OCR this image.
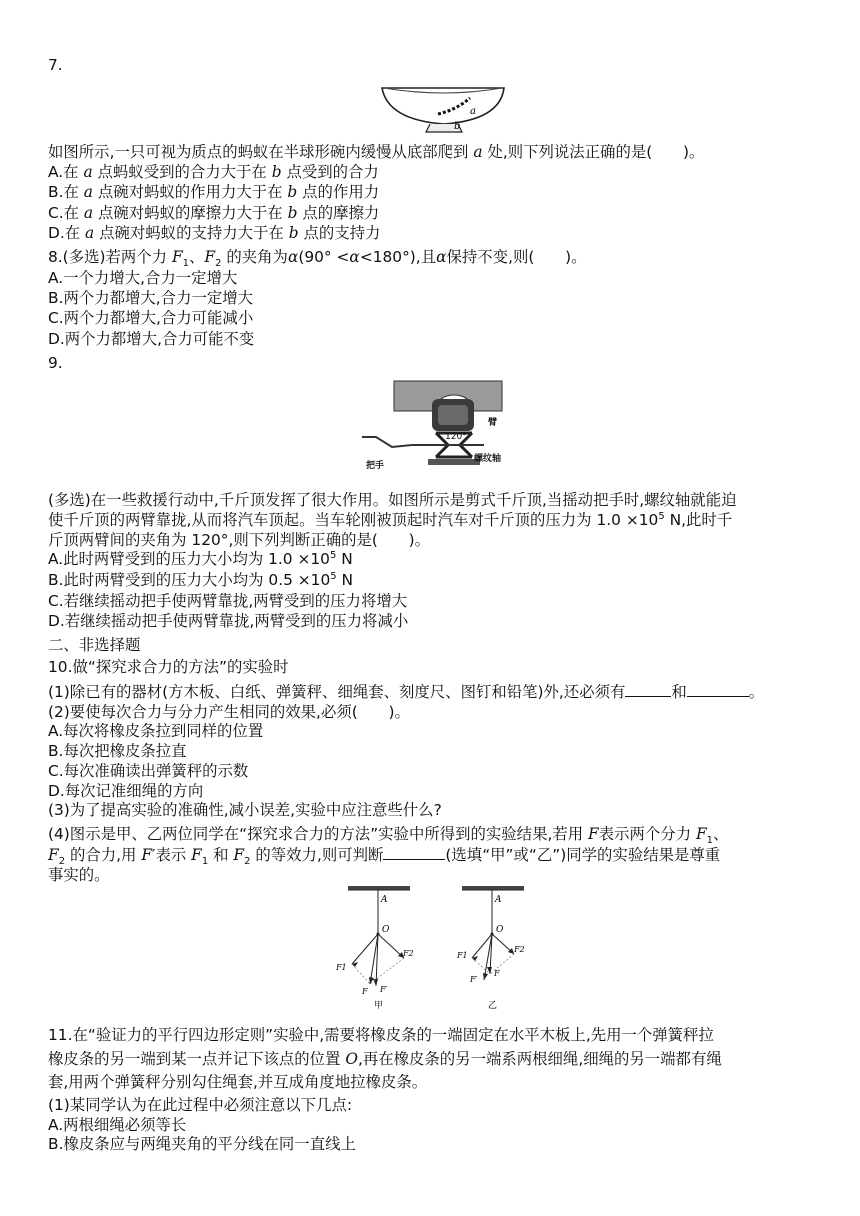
7.
a
b
如图所示,一只可视为质点的蚂蚁在半球形碗内缓慢从底部爬到 a 处,则下列说法正确的是(　　)。
A.在 a 点蚂蚁受到的合力大于在 b 点受到的合力
B.在 a 点碗对蚂蚁的作用力大于在 b 点的作用力
C.在 a 点碗对蚂蚁的摩擦力大于在 b 点的摩擦力
D.在 a 点碗对蚂蚁的支持力大于在 b 点的支持力
8.(多选)若两个力 $F_1$、$F_2$ 的夹角为α(90° <α<180°),且α保持不变,则(　　)。
A.一个力增大,合力一定增大
B.两个力都增大,合力一定增大
C.两个力都增大,合力可能减小
D.两个力都增大,合力可能不变
9.
120°
臂
把手
螺纹轴
(多选)在一些救援行动中,千斤顶发挥了很大作用。如图所示是剪式千斤顶,当摇动把手时,螺纹轴就能迫
使千斤顶的两臂靠拢,从而将汽车顶起。当车轮刚被顶起时汽车对千斤顶的压力为 $1.0 \times 10^5$ N,此时千
斤顶两臂间的夹角为 120°,则下列判断正确的是(　　)。
A.此时两臂受到的压力大小均为 $1.0 \times 10^5$ N
B.此时两臂受到的压力大小均为 $0.5 \times 10^5$ N
C.若继续摇动把手使两臂靠拢,两臂受到的压力将增大
D.若继续摇动把手使两臂靠拢,两臂受到的压力将减小
二、非选择题
10.做“探究求合力的方法”的实验时
(1)除已有的器材(方木板、白纸、弹簧秤、细绳套、刻度尺、图钉和铅笔)外,还必须有	和	。
(2)要使每次合力与分力产生相同的效果,必须(　　)。
A.每次将橡皮条拉到同样的位置
B.每次把橡皮条拉直
C.每次准确读出弹簧秤的示数
D.每次记准细绳的方向
(3)为了提高实验的准确性,减小误差,实验中应注意些什么?
(4)图示是甲、乙两位同学在“探究求合力的方法”实验中所得到的实验结果,若用 F表示两个分力 $F_1$、
$F_2$ 的合力,用 F′表示 $F_1$ 和 $F_2$ 的等效力,则可判断	(选填“甲”或“乙”)同学的实验结果是尊重
事实的。
A
O
F1
F2
F F′
甲
A
O
F1
F2
F
F′
乙
11.在“验证力的平行四边形定则”实验中,需要将橡皮条的一端固定在水平木板上,先用一个弹簧秤拉
橡皮条的另一端到某一点并记下该点的位置 O,再在橡皮条的另一端系两根细绳,细绳的另一端都有绳
套,用两个弹簧秤分别勾住绳套,并互成角度地拉橡皮条。
(1)某同学认为在此过程中必须注意以下几点:
A.两根细绳必须等长
B.橡皮条应与两绳夹角的平分线在同一直线上
